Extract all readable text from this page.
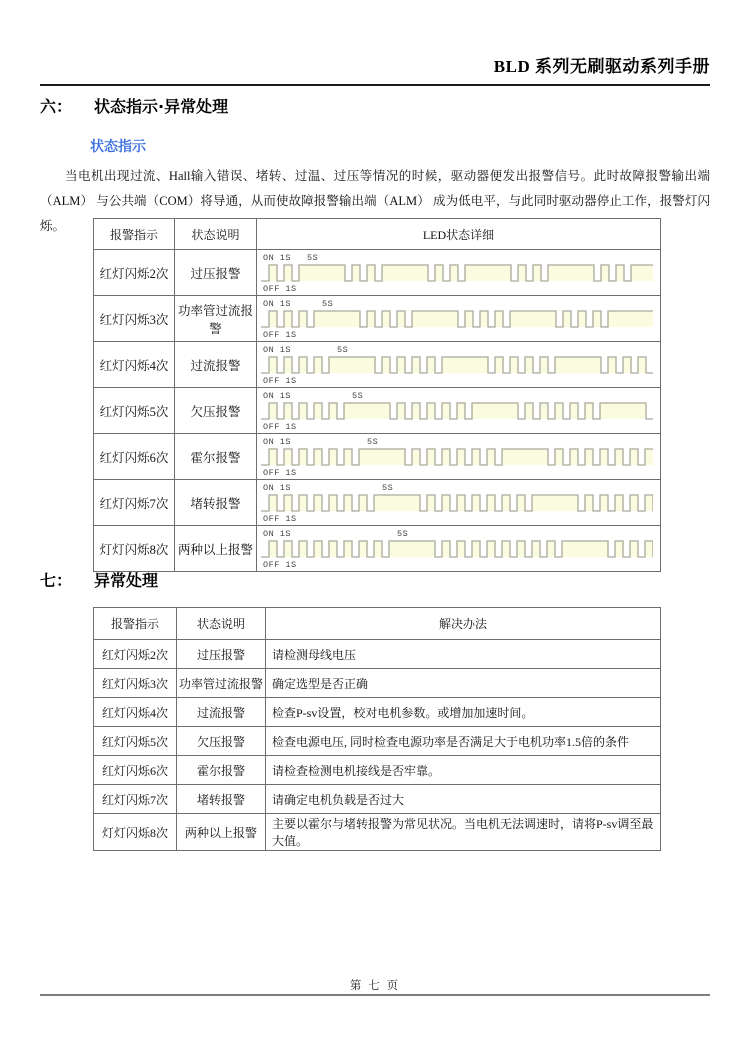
BLD 系列无刷驱动系列手册
六： 状态指示·异常处理
状态指示
当电机出现过流、Hall输入错误、堵转、过温、过压等情况的时候，驱动器便发出报警信号。此时故障报警输出端（ALM） 与公共端（COM）将导通，从而使故障报警输出端（ALM） 成为低电平，与此同时驱动器停止工作，报警灯闪烁。
报警指示	状态说明	LED状态详细
红灯闪烁2次	过压报警	ON 1S 5S
OFF 1S

红灯闪烁3次	功率管过流报警	ON 1S 5S
OFF 1S

红灯闪烁4次	过流报警	ON 1S 5S
OFF 1S

红灯闪烁5次	欠压报警	ON 1S 5S
OFF 1S

红灯闪烁6次	霍尔报警	ON 1S 5S
OFF 1S

红灯闪烁7次	堵转报警	ON 1S 5S
OFF 1S

灯灯闪烁8次	两种以上报警	ON 1S 5S
OFF 1S
七： 异常处理
报警指示	状态说明	解决办法
红灯闪烁2次	过压报警	请检测母线电压
红灯闪烁3次	功率管过流报警	确定选型是否正确
红灯闪烁4次	过流报警	检查P-sv设置，校对电机参数。或增加加速时间。
红灯闪烁5次	欠压报警	检查电源电压, 同时检查电源功率是否满足大于电机功率1.5倍的条件
红灯闪烁6次	霍尔报警	请检查检测电机接线是否牢靠。
红灯闪烁7次	堵转报警	请确定电机负载是否过大
灯灯闪烁8次	两种以上报警	主要以霍尔与堵转报警为常见状况。当电机无法调速时，请将P-sv调至最大值。
第 七 页
